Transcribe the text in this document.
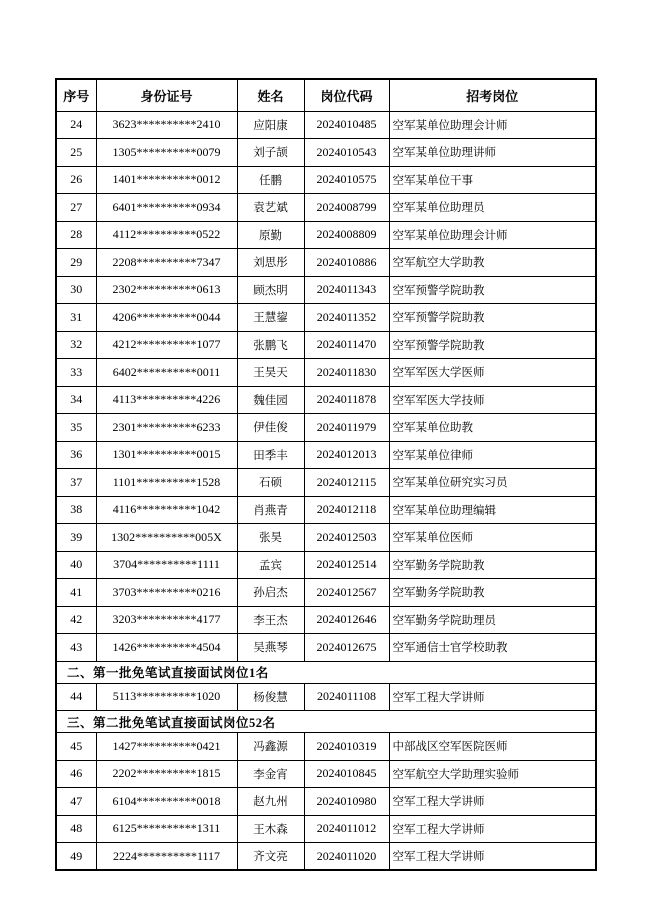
序号	身份证号	姓名	岗位代码	招考岗位
24	3623**********2410	应阳康	2024010485	空军某单位助理会计师
25	1305**********0079	刘子颉	2024010543	空军某单位助理讲师
26	1401**********0012	任鹏	2024010575	空军某单位干事
27	6401**********0934	袁艺斌	2024008799	空军某单位助理员
28	4112**********0522	原勤	2024008809	空军某单位助理会计师
29	2208**********7347	刘思彤	2024010886	空军航空大学助教
30	2302**********0613	顾杰明	2024011343	空军预警学院助教
31	4206**********0044	王慧鋆	2024011352	空军预警学院助教
32	4212**********1077	张鹏飞	2024011470	空军预警学院助教
33	6402**********0011	王昊天	2024011830	空军军医大学医师
34	4113**********4226	魏佳园	2024011878	空军军医大学技师
35	2301**********6233	伊佳俊	2024011979	空军某单位助教
36	1301**********0015	田季丰	2024012013	空军某单位律师
37	1101**********1528	石硕	2024012115	空军某单位研究实习员
38	4116**********1042	肖燕青	2024012118	空军某单位助理编辑
39	1302**********005X	张昊	2024012503	空军某单位医师
40	3704**********1111	孟宾	2024012514	空军勤务学院助教
41	3703**********0216	孙启杰	2024012567	空军勤务学院助教
42	3203**********4177	李王杰	2024012646	空军勤务学院助理员
43	1426**********4504	吴燕琴	2024012675	空军通信士官学校助教
二、第一批免笔试直接面试岗位1名				
44	5113**********1020	杨俊慧	2024011108	空军工程大学讲师
三、第二批免笔试直接面试岗位52名				
45	1427**********0421	冯鑫源	2024010319	中部战区空军医院医师
46	2202**********1815	李金宵	2024010845	空军航空大学助理实验师
47	6104**********0018	赵九州	2024010980	空军工程大学讲师
48	6125**********1311	王木森	2024011012	空军工程大学讲师
49	2224**********1117	齐文亮	2024011020	空军工程大学讲师
